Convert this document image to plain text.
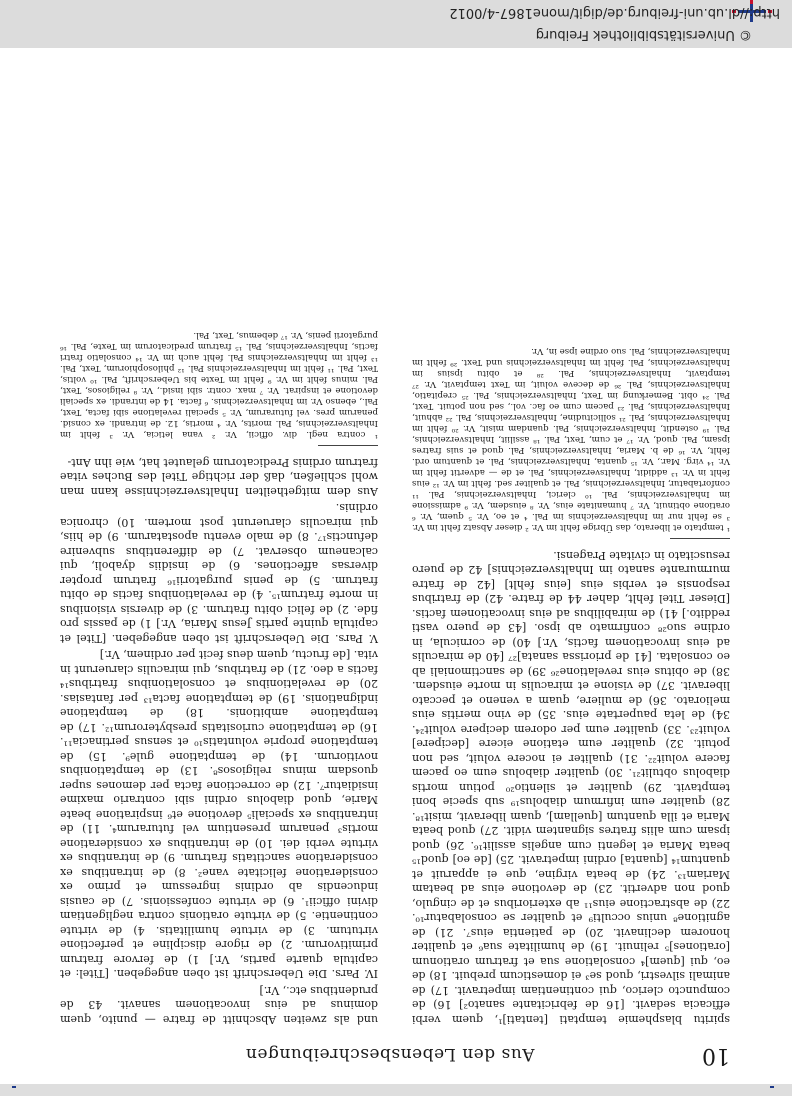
http://dl.ub.uni-freiburg.de/digit/mone1867-4/0012
© Universitätsbibliothek Freiburg
10
Aus den Lebensbeschreibungen

spiritu blasphemie temptati [tentati]¹, quem verbi efficacia sedavit. [16 de febricitante sanato²] 16) de compuncto clerico, qui continentiam impetravit. 17) de animali silvestri, quod se³ ei domesticum prebuit. 18) de eo, qui [quem]⁴ consolatione sua et fratrum orationum [orationes]⁵ relinuit. 19) de humilitate sua⁶ et qualiter honorem declinavit. 20) de patientia eius⁷. 21) de agnitione⁸ unius occulti⁹ et qualiter se consolabatur¹⁰. 22) de abstractione eius¹¹ ab exterioribus et de cingulo, quod non advertit. 23) de devotione eius ad beatam Mariam¹³. 24) de beata virgine, que ei apparuit et quantum¹⁴ [quanta] ordini impetravit. 25) [de eo] quod¹⁵ beata Maria et legenti cum angelis assilit¹⁶. 26) quod ipsam cum aliis fratres signantem vidit. 27) quod beata Maria et illa quantum [quellam], quam liberavit, misit¹⁸. 28) qualiter eum infirmum diabolus¹⁹ sub specie boni temptavit. 29) qualiter et silentio²⁰ potiun mortis diabolus obtulit²¹. 30) qualiter diabolus eum eo pacem facere voluit²². 31) qualiter ei nocere voluit, sed non potuit. 32) qualiter eum etatione eicere [decipere] voluit²³. 33) qualiter eum per odorem decipere voluit²⁴. 34) de leta paupertate eius. 35) de vino meritis eius meliorato. 36) de muliere, quam a veneno et peccato liberavit. 37) de visione et miraculis in morte eiusdem. 38) de obitus eius revelatione²⁶ 39) de sanctimoniali ab eo consolata. [41 de priorissa sanata]²⁷ [40 de miraculis ad eius invocationem factis, Vr.] 40) de cornicula, in ordine suo²⁸ confirmato ab ipso. [43 de puero vasti reddito.] 41) de mirabilibus ad eius invocationem factis. [Dieser Titel fehlt, daher 44 de fratre. 42) de fratribus responsis et verbis eius [eius fehlt] [42 de fratre murmurante sanato im Inhaltsverzeichnis] 42 de puero resuscitato in civitate Pragensi.

¹ temptato et liberato, das Übrige fehlt im Vr. ² dieser Absatz fehlt im Vr. ³ se fehlt nur im Inhaltsverzeichnis im Pal. ⁴ et eo, Vr. ⁵ quem, Vr. ⁶ oratione obtinuit, Vr. ⁷ humanitate eius, Vr. ⁸ eiusdem, Vr. ⁹ admissione im Inhaltsverzeichnis, Pal. ¹⁰ clerici, Inhaltsverzeichnis, Pal. ¹¹ confortabatur, Inhaltsverzeichnis, Pal. et qualiter sed. fehlt im Vr. ¹² eius fehlt in Vr. ¹³ addidit, Inhaltsverzeichnis, Pal. et de — advertit fehlt im Vr. ¹⁴ virg. Mar., Vr. ¹⁵ quanta, Inhaltsverzeichnis, Pal. et quantum ord. fehlt, Vr. ¹⁶ de b. Maria, Inhaltsverzeichnis, Pal. quod et suis fratres ipsam, Pal. quod, Vr. ¹⁷ et cum, Text, Pal. ¹⁸ assiliit, Inhaltsverzeichnis, Pal. ¹⁹ ostendit, Inhaltsverzeichnis, Pal. quandam misit, Vr. ²⁰ fehlt im Inhaltsverzeichnis, Pal. ²¹ sollicitudine, Inhaltsverzeichnis, Pal. ²² abhuit, Inhaltsverzeichnis, Pal. ²³ pacem cum eo fac. vol., sed non potuit. Text, Pal. ²⁴ obit. Bemerkung im Text, Inhaltsverzeichnis, Pal. ²⁵ crepitatio, Inhaltsverzeichnis, Pal. ²⁶ de deceve voluit, im Text temptavit, Vr. ²⁷ temptavit, Inhaltsverzeichnis, Pal. ²⁸ et obitu ipsius im Inhaltsverzeichnis, Pal. fehlt im Inhaltsverzeichnis und Text. ²⁹ fehlt im Inhaltsverzeichnis, Pal. suo ordine ipse in, Vr.

und als zweiten Abschnitt de fratre — punito, quem dominus ad eius invocationem sanavit. 43 de prudentibus etc., Vr.]

IV. Pars. Die Ueberschrift ist oben angegeben. [Titel: et capitula quarte partis, Vr.] 1) de fervore fratrum primitivorum. 2) de rigore discipline et perfectione virtutum. 3) de virtute humilitatis. 4) de virtute continentie. 5) de virtute orationis contra negligentiam divini officii¹. 6) de virtute confessionis. 7) de causis inducendis ab ordinis ingressum et primo ex consideratione felicitate vane². 8) de intrantibus ex consideratione sanctitatis fratrum. 9) de intrantibus ex virtute verbi dei. 10) de intrantibus ex consideratione mortis³ penarum presentium vel futurarum⁴. 11) de intrantibus ex speciali⁵ devotione et⁶ inspiratione beate Marie, quod diabolus ordini sibi contrario maxime insidiatur⁷. 12) de correctione facta per demones super quosdam minus religiosos⁸. 13) de temptationibus novitiorum. 14) de temptatione gule⁹. 15) de temptatione proprie voluntatis¹⁰ et sensus pertinacia¹¹. 16) de temptatione curiositatis presbyterorum¹². 17) de temptatione ambitionis. 18) de temptatione indignationis. 19) de temptatione facta¹³ per fantasias. 20) de revelationibus et consolationibus fratribus¹⁴ factis a deo. 21) de fratribus, qui miraculis claruerunt in vita. [de fructu, quem deus fecit per ordinem, Vr.]

V. Pars. Die Ueberschrift ist oben angegeben. [Titel et capitula quinte partis Jesus Maria, Vr.] 1) de passis pro fide. 2) de felici obitu fratrum. 3) de diversis visionibus in morte fratrum¹⁵. 4) de revelationibus factis de obitu fratrum. 5) de penis purgatorii¹⁶ fratrum propter diversas affectiones. 6) de insidiis dyaboli, qui calcaneum observat. 7) de differentibus subvenire defunctis¹⁷. 8) de malo eventu apostatarum. 9) de hiis, qui miraculis claruerunt post mortem. 10) chronica ordinis.

Aus dem mitgetheilten Inhaltsverzeichnisse kann man wohl schließen, daß der richtige Titel des Buches vitae fratrum ordinis Predicatorum gelautet hat, wie ihn Ant-

¹ contra negl. div. officii, Vr. ² vana leticia, Vr. ³ fehlt im Inhaltsverzeichnis, Pal. morits, Vr. ⁴ mortis, 12. de intrandi. ex consid. penarum pres. vel futurarum, Vr. ⁵ speciali revelatione sibi facta, Text, Pal., ebenso Vr. im Inhaltsverzeichnis. ⁶ facta. 14 de intrandi. ex speciali devotione et inspirat. Vr. ⁷ max. contr. sibi insid., Vr. ⁸ religiosos, Text, Pal. minus fehlt im Vr. ⁹ fehlt im Texte bis Ueberschrift, Pal. ¹⁰ voltis, Text, Pal. ¹¹ fehlt im Inhaltsverzeichnis Pal. ¹² philosophiorum, Text, Pal. ¹³ fehlt im Inhaltsverzeichnis Pal. fehlt auch im Vr. ¹⁴ consolatio fratri factis, Inhaltsverzeichnis, Pal. ¹⁵ fratrum predicatorum im Texte, Pal. ¹⁶ purgatorii penis, Vr. ¹⁷ debemus, Text, Pal.
